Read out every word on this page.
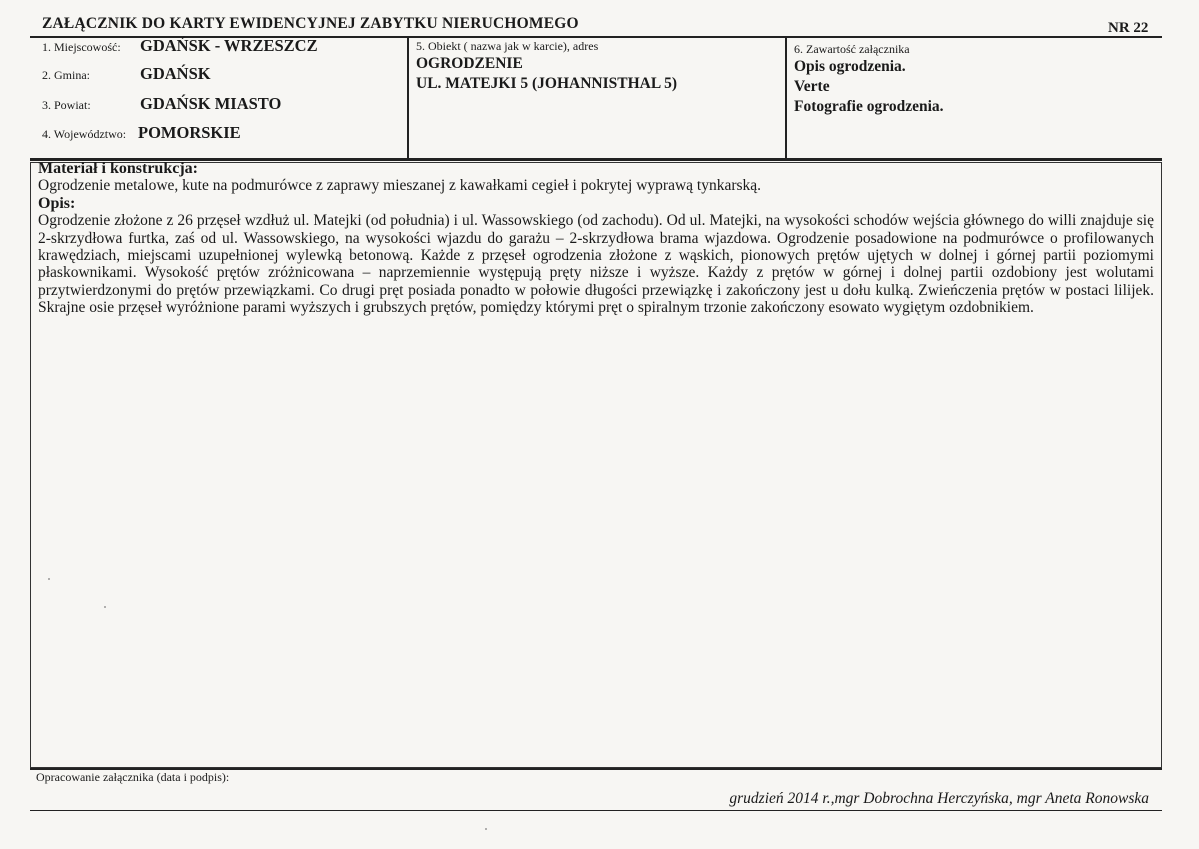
ZAŁĄCZNIK DO KARTY EWIDENCYJNEJ ZABYTKU NIERUCHOMEGO	NR 22
1. Miejscowość: GDAŃSK - WRZESZCZ
2. Gmina:	GDAŃSK
3. Powiat:	GDAŃSK MIASTO
4. Województwo: POMORSKIE
5. Obiekt ( nazwa jak w karcie), adres
OGRODZENIE
UL. MATEJKI 5 (JOHANNISTHAL 5)
6. Zawartość załącznika
Opis ogrodzenia.
Verte
Fotografie ogrodzenia.
Materiał i konstrukcja:
Ogrodzenie metalowe, kute na podmurówce z zaprawy mieszanej z kawałkami cegieł i pokrytej wyprawą tynkarską.
Opis:
Ogrodzenie złożone z 26 przęseł wzdłuż ul. Matejki (od południa) i ul. Wassowskiego (od zachodu). Od ul. Matejki, na wysokości schodów wejścia głównego do willi znajduje się 2-skrzydłowa furtka, zaś od ul. Wassowskiego, na wysokości wjazdu do garażu – 2-skrzydłowa brama wjazdowa. Ogrodzenie posadowione na podmurówce o profilowanych krawędziach, miejscami uzupełnionej wylewką betonową. Każde z przęseł ogrodzenia złożone z wąskich, pionowych prętów ujętych w dolnej i górnej partii poziomymi płaskownikami. Wysokość prętów zróżnicowana – naprzemiennie występują pręty niższe i wyższe. Każdy z prętów w górnej i dolnej partii ozdobiony jest wolutami przytwierdzonymi do prętów przewiązkami. Co drugi pręt posiada ponadto w połowie długości przewiązkę i zakończony jest u dołu kulką. Zwieńczenia prętów w postaci lilijek. Skrajne osie przęseł wyróżnione parami wyższych i grubszych prętów, pomiędzy którymi pręt o spiralnym trzonie zakończony esowato wygiętym ozdobnikiem.
Opracowanie załącznika (data i podpis):
grudzień 2014 r.,mgr Dobrochna Herczyńska, mgr Aneta Ronowska
